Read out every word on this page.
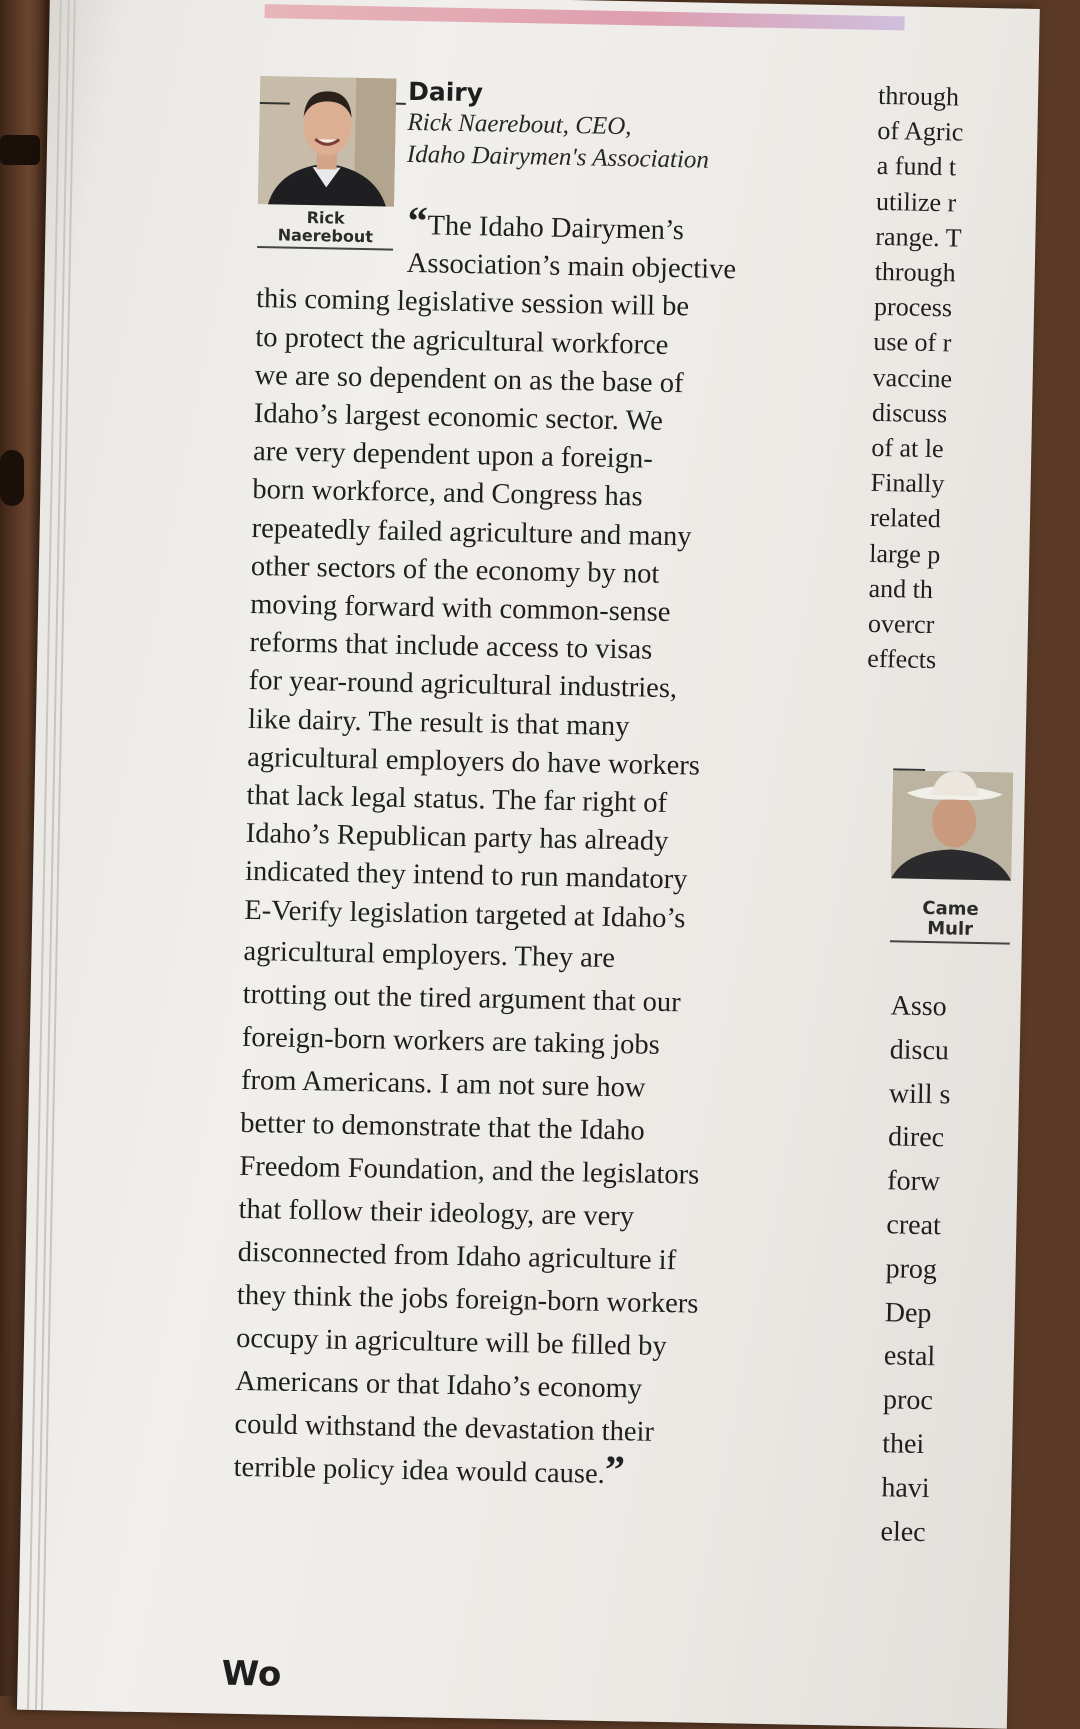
Rick Naerebout
Dairy
Rick Naerebout, CEO,
Idaho Dairymen's Association
“The Idaho Dairymen’s
Association’s main objective
this coming legislative session will be
to protect the agricultural workforce
we are so dependent on as the base of
Idaho’s largest economic sector. We
are very dependent upon a foreign-
born workforce, and Congress has
repeatedly failed agriculture and many
other sectors of the economy by not
moving forward with common-sense
reforms that include access to visas
for year-round agricultural industries,
like dairy. The result is that many
agricultural employers do have workers
that lack legal status. The far right of
Idaho’s Republican party has already
indicated they intend to run mandatory
E-Verify legislation targeted at Idaho’s
agricultural employers. They are
trotting out the tired argument that our
foreign-born workers are taking jobs
from Americans. I am not sure how
better to demonstrate that the Idaho
Freedom Foundation, and the legislators
that follow their ideology, are very
disconnected from Idaho agriculture if
they think the jobs foreign-born workers
occupy in agriculture will be filled by
Americans or that Idaho’s economy
could withstand the devastation their
terrible policy idea would cause.”
through
of Agric
a fund t
utilize r
range. T
through
process
use of r
vaccine
discuss
of at le
Finally
related
large p
and th
overcr
effects
Came
Mulr
Asso
discu
will s
direc
forw
creat
prog
Dep
estal
proc
thei
havi
elec
Wo
